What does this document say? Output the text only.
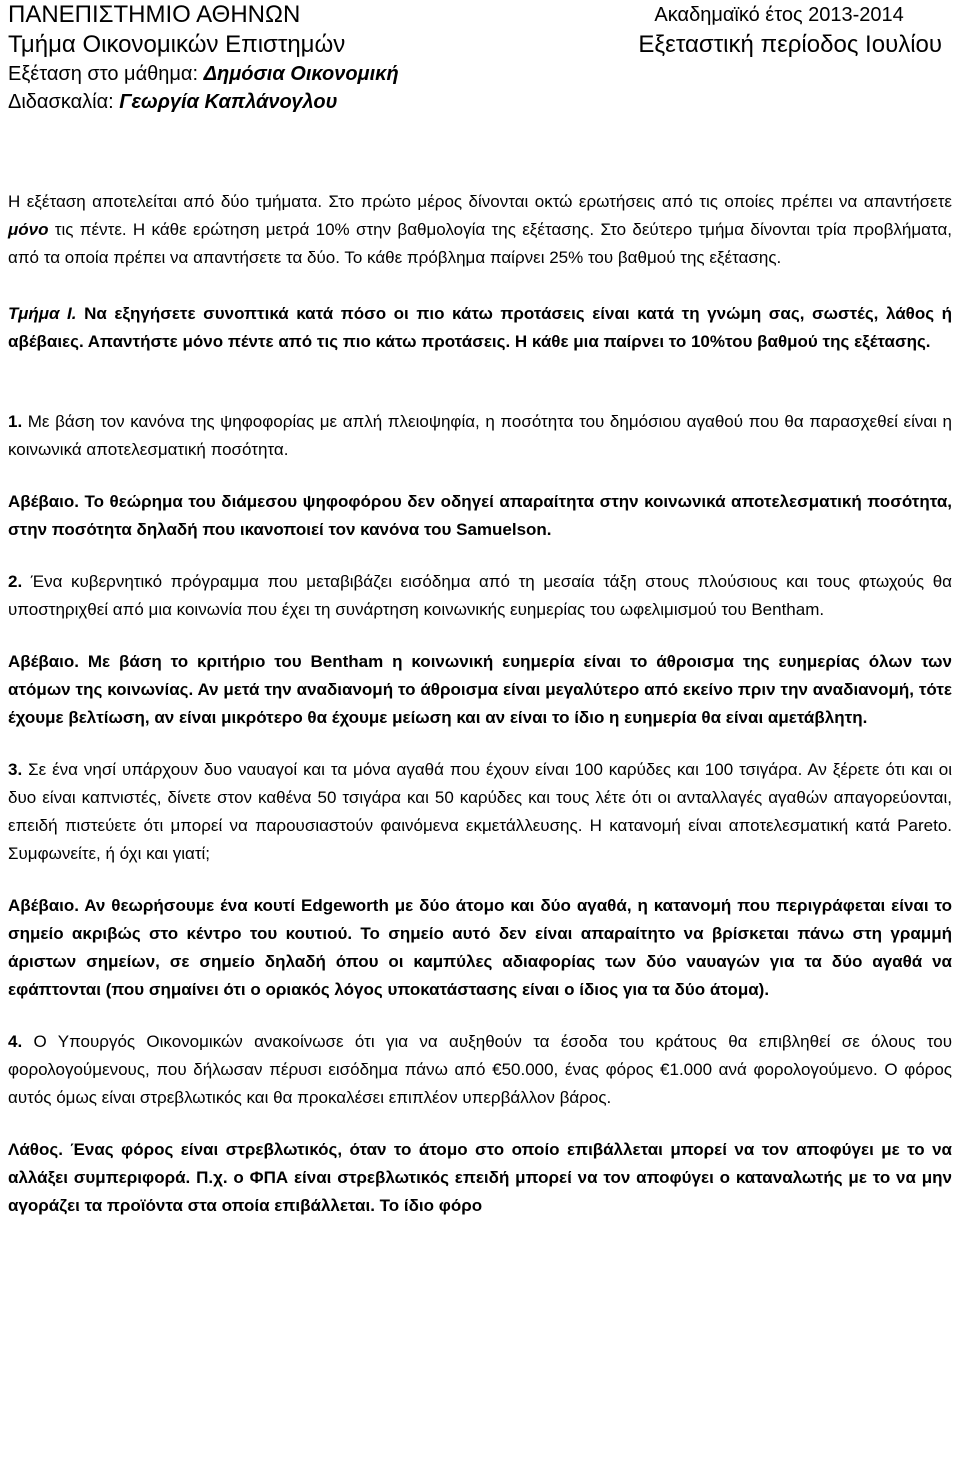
ΠΑΝΕΠΙΣΤΗΜΙΟ ΑΘΗΝΩΝ
Τμήμα Οικονομικών Επιστημών
Εξέταση στο μάθημα: Δημόσια Οικονομική
Διδασκαλία: Γεωργία Καπλάνογλου
Ακαδημαϊκό έτος 2013-2014
Εξεταστική περίοδος Ιουλίου

Η εξέταση αποτελείται από δύο τμήματα. Στο πρώτο μέρος δίνονται οκτώ ερωτήσεις από τις οποίες πρέπει να απαντήσετε μόνο τις πέντε. Η κάθε ερώτηση μετρά 10% στην βαθμολογία της εξέτασης. Στο δεύτερο τμήμα δίνονται τρία προβλήματα, από τα οποία πρέπει να απαντήσετε τα δύο. Το κάθε πρόβλημα παίρνει 25% του βαθμού της εξέτασης.

Τμήμα Ι. Να εξηγήσετε συνοπτικά κατά πόσο οι πιο κάτω προτάσεις είναι κατά τη γνώμη σας, σωστές, λάθος ή αβέβαιες. Απαντήστε μόνο πέντε από τις πιο κάτω προτάσεις. Η κάθε μια παίρνει το 10%του βαθμού της εξέτασης.

1. Με βάση τον κανόνα της ψηφοφορίας με απλή πλειοψηφία, η ποσότητα του δημόσιου αγαθού που θα παρασχεθεί είναι η κοινωνικά αποτελεσματική ποσότητα.

Αβέβαιο. Το θεώρημα του διάμεσου ψηφοφόρου δεν οδηγεί απαραίτητα στην κοινωνικά αποτελεσματική ποσότητα, στην ποσότητα δηλαδή που ικανοποιεί τον κανόνα του Samuelson.

2. Ένα κυβερνητικό πρόγραμμα που μεταβιβάζει εισόδημα από τη μεσαία τάξη στους πλούσιους και τους φτωχούς θα υποστηριχθεί από μια κοινωνία που έχει τη συνάρτηση κοινωνικής ευημερίας του ωφελιμισμού του Bentham.

Αβέβαιο. Με βάση το κριτήριο του Bentham η κοινωνική ευημερία είναι το άθροισμα της ευημερίας όλων των ατόμων της κοινωνίας. Αν μετά την αναδιανομή το άθροισμα είναι μεγαλύτερο από εκείνο πριν την αναδιανομή, τότε έχουμε βελτίωση, αν είναι μικρότερο θα έχουμε μείωση και αν είναι το ίδιο η ευημερία θα είναι αμετάβλητη.

3. Σε ένα νησί υπάρχουν δυο ναυαγοί και τα μόνα αγαθά που έχουν είναι 100 καρύδες και 100 τσιγάρα. Αν ξέρετε ότι και οι δυο είναι καπνιστές, δίνετε στον καθένα 50 τσιγάρα και 50 καρύδες και τους λέτε ότι οι ανταλλαγές αγαθών απαγορεύονται, επειδή πιστεύετε ότι μπορεί να παρουσιαστούν φαινόμενα εκμετάλλευσης. Η κατανομή είναι αποτελεσματική κατά Pareto. Συμφωνείτε, ή όχι και γιατί;

Αβέβαιο. Αν θεωρήσουμε ένα κουτί Edgeworth με δύο άτομο και δύο αγαθά, η κατανομή που περιγράφεται είναι το σημείο ακριβώς στο κέντρο του κουτιού. Το σημείο αυτό δεν είναι απαραίτητο να βρίσκεται πάνω στη γραμμή άριστων σημείων, σε σημείο δηλαδή όπου οι καμπύλες αδιαφορίας των δύο ναυαγών για τα δύο αγαθά να εφάπτονται (που σημαίνει ότι ο οριακός λόγος υποκατάστασης είναι ο ίδιος για τα δύο άτομα).

4. Ο Υπουργός Οικονομικών ανακοίνωσε ότι για να αυξηθούν τα έσοδα του κράτους θα επιβληθεί σε όλους του φορολογούμενους, που δήλωσαν πέρυσι εισόδημα πάνω από €50.000, ένας φόρος €1.000 ανά φορολογούμενο. Ο φόρος αυτός όμως είναι στρεβλωτικός και θα προκαλέσει επιπλέον υπερβάλλον βάρος.

Λάθος. Ένας φόρος είναι στρεβλωτικός, όταν το άτομο στο οποίο επιβάλλεται μπορεί να τον αποφύγει με το να αλλάξει συμπεριφορά. Π.χ. ο ΦΠΑ είναι στρεβλωτικός επειδή μπορεί να τον αποφύγει ο καταναλωτής με το να μην αγοράζει τα προϊόντα στα οποία επιβάλλεται. Το ίδιο φόρο
